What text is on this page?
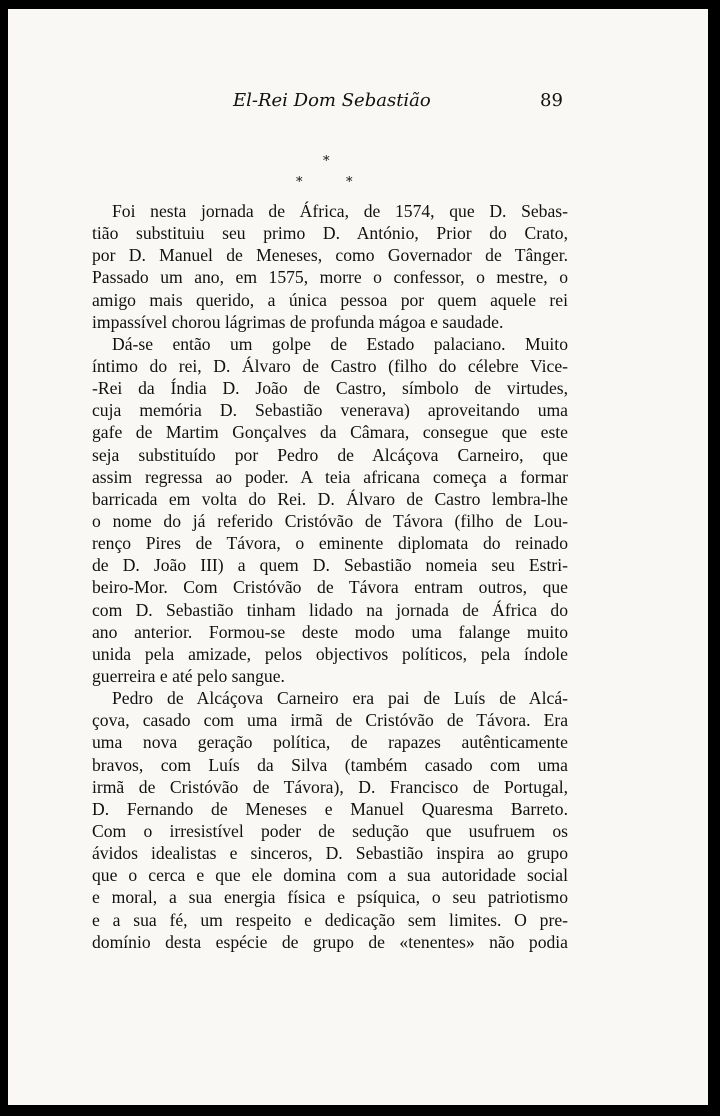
El-Rei Dom Sebastião	89
*
*	*
Foi nesta jornada de África, de 1574, que D. Sebas-
tião substituiu seu primo D. António, Prior do Crato,
por D. Manuel de Meneses, como Governador de Tânger.
Passado um ano, em 1575, morre o confessor, o mestre, o
amigo mais querido, a única pessoa por quem aquele rei
impassível chorou lágrimas de profunda mágoa e saudade.
Dá-se então um golpe de Estado palaciano. Muito
íntimo do rei, D. Álvaro de Castro (filho do célebre Vice-
-Rei da Índia D. João de Castro, símbolo de virtudes,
cuja memória D. Sebastião venerava) aproveitando uma
gafe de Martim Gonçalves da Câmara, consegue que este
seja substituído por Pedro de Alcáçova Carneiro, que
assim regressa ao poder. A teia africana começa a formar
barricada em volta do Rei. D. Álvaro de Castro lembra-lhe
o nome do já referido Cristóvão de Távora (filho de Lou-
renço Pires de Távora, o eminente diplomata do reinado
de D. João III) a quem D. Sebastião nomeia seu Estri-
beiro-Mor. Com Cristóvão de Távora entram outros, que
com D. Sebastião tinham lidado na jornada de África do
ano anterior. Formou-se deste modo uma falange muito
unida pela amizade, pelos objectivos políticos, pela índole
guerreira e até pelo sangue.
Pedro de Alcáçova Carneiro era pai de Luís de Alcá-
çova, casado com uma irmã de Cristóvão de Távora. Era
uma nova geração política, de rapazes autênticamente
bravos, com Luís da Silva (também casado com uma
irmã de Cristóvão de Távora), D. Francisco de Portugal,
D. Fernando de Meneses e Manuel Quaresma Barreto.
Com o irresistível poder de sedução que usufruem os
ávidos idealistas e sinceros, D. Sebastião inspira ao grupo
que o cerca e que ele domina com a sua autoridade social
e moral, a sua energia física e psíquica, o seu patriotismo
e a sua fé, um respeito e dedicação sem limites. O pre-
domínio desta espécie de grupo de «tenentes» não podia
